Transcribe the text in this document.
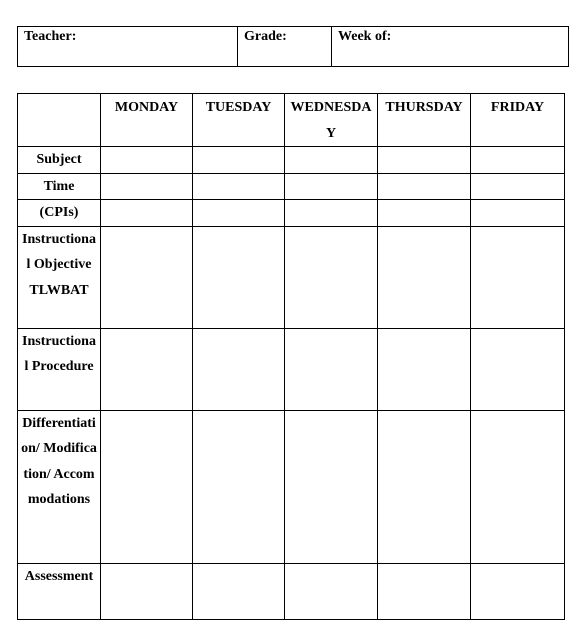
Teacher:	Grade:	Week of:
	MONDAY	TUESDAY	WEDNESDAY	THURSDAY	FRIDAY
Subject					
Time					
(CPIs)					
Instructional Objective TLWBAT					
Instructional Procedure					
Differentiation/ Modification/ Accommodations					
Assessment					
